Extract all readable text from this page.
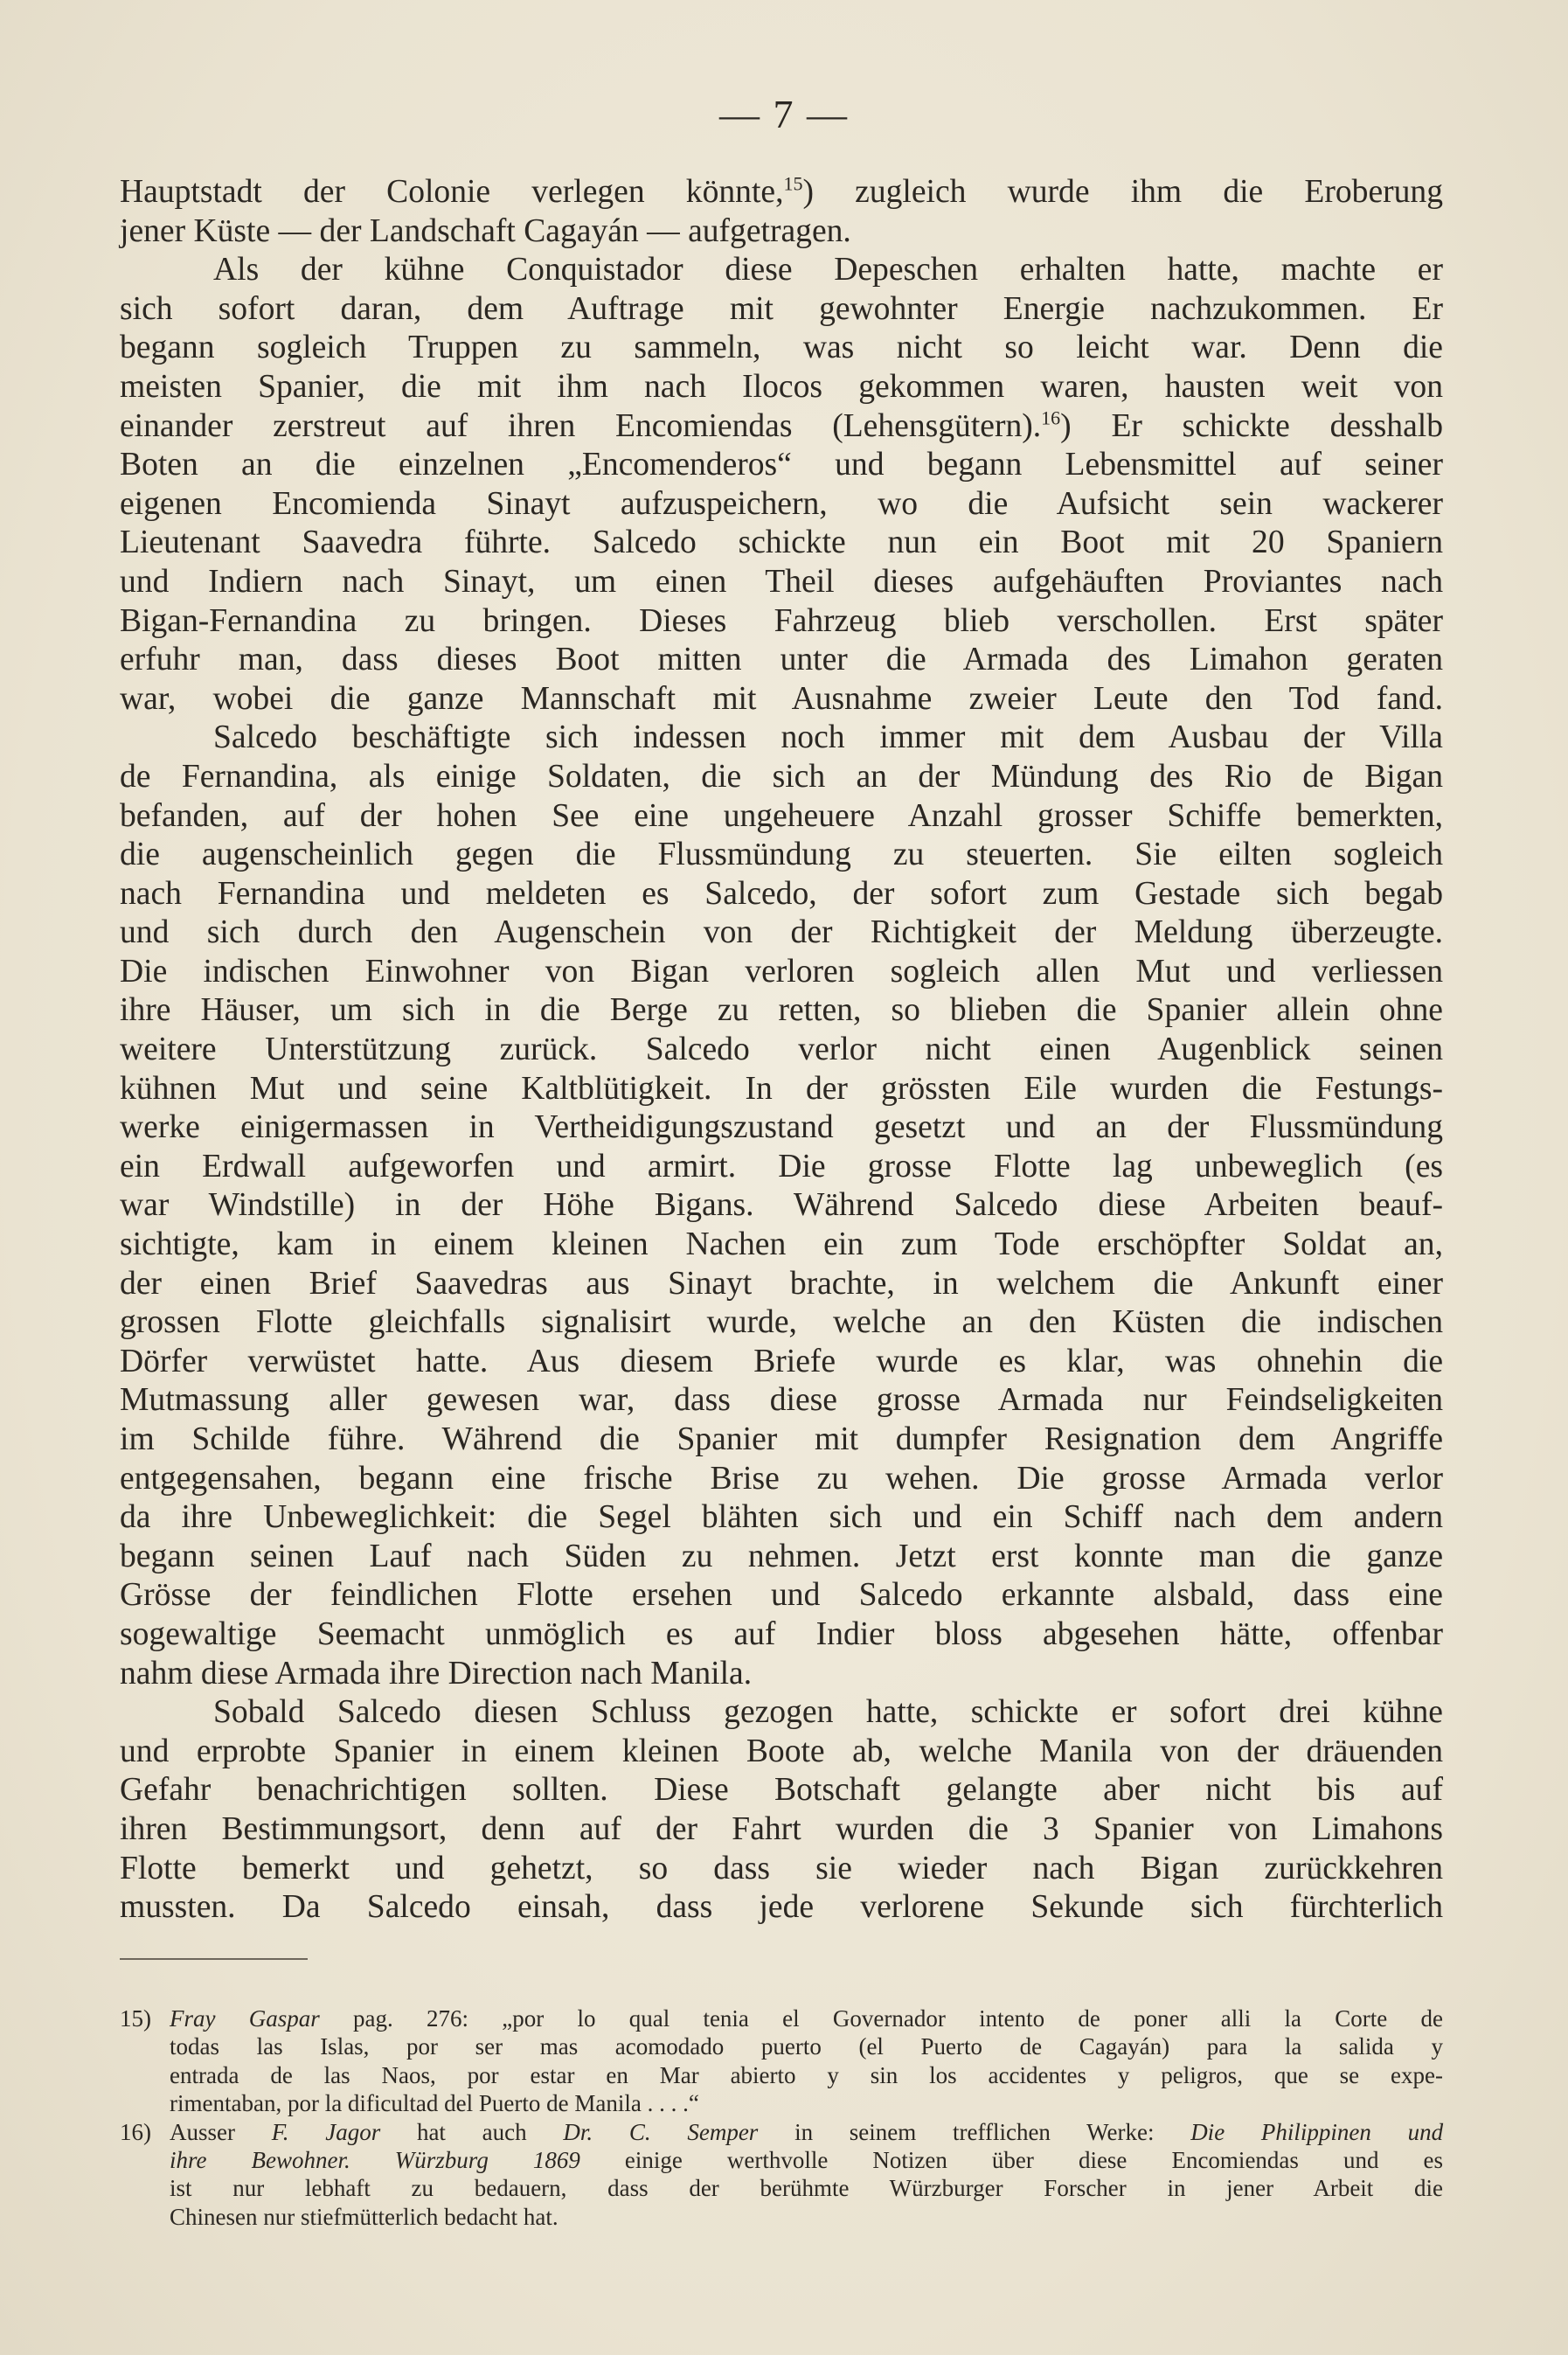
— 7 —
Hauptstadt der Colonie verlegen könnte,$^{15}$) zugleich wurde ihm die Eroberung
jener Küste — der Landschaft Cagayán — aufgetragen.
Als der kühne Conquistador diese Depeschen erhalten hatte, machte er
sich sofort daran, dem Auftrage mit gewohnter Energie nachzukommen. Er
begann sogleich Truppen zu sammeln, was nicht so leicht war. Denn die
meisten Spanier, die mit ihm nach Ilocos gekommen waren, hausten weit von
einander zerstreut auf ihren Encomiendas (Lehensgütern).$^{16}$) Er schickte desshalb
Boten an die einzelnen „Encomenderos“ und begann Lebensmittel auf seiner
eigenen Encomienda Sinayt aufzuspeichern, wo die Aufsicht sein wackerer
Lieutenant Saavedra führte. Salcedo schickte nun ein Boot mit 20 Spaniern
und Indiern nach Sinayt, um einen Theil dieses aufgehäuften Proviantes nach
Bigan-Fernandina zu bringen. Dieses Fahrzeug blieb verschollen. Erst später
erfuhr man, dass dieses Boot mitten unter die Armada des Limahon geraten
war, wobei die ganze Mannschaft mit Ausnahme zweier Leute den Tod fand.
Salcedo beschäftigte sich indessen noch immer mit dem Ausbau der Villa
de Fernandina, als einige Soldaten, die sich an der Mündung des Rio de Bigan
befanden, auf der hohen See eine ungeheuere Anzahl grosser Schiffe bemerkten,
die augenscheinlich gegen die Flussmündung zu steuerten. Sie eilten sogleich
nach Fernandina und meldeten es Salcedo, der sofort zum Gestade sich begab
und sich durch den Augenschein von der Richtigkeit der Meldung überzeugte.
Die indischen Einwohner von Bigan verloren sogleich allen Mut und verliessen
ihre Häuser, um sich in die Berge zu retten, so blieben die Spanier allein ohne
weitere Unterstützung zurück. Salcedo verlor nicht einen Augenblick seinen
kühnen Mut und seine Kaltblütigkeit. In der grössten Eile wurden die Festungs-
werke einigermassen in Vertheidigungszustand gesetzt und an der Flussmündung
ein Erdwall aufgeworfen und armirt. Die grosse Flotte lag unbeweglich (es
war Windstille) in der Höhe Bigans. Während Salcedo diese Arbeiten beauf-
sichtigte, kam in einem kleinen Nachen ein zum Tode erschöpfter Soldat an,
der einen Brief Saavedras aus Sinayt brachte, in welchem die Ankunft einer
grossen Flotte gleichfalls signalisirt wurde, welche an den Küsten die indischen
Dörfer verwüstet hatte. Aus diesem Briefe wurde es klar, was ohnehin die
Mutmassung aller gewesen war, dass diese grosse Armada nur Feindseligkeiten
im Schilde führe. Während die Spanier mit dumpfer Resignation dem Angriffe
entgegensahen, begann eine frische Brise zu wehen. Die grosse Armada verlor
da ihre Unbeweglichkeit: die Segel blähten sich und ein Schiff nach dem andern
begann seinen Lauf nach Süden zu nehmen. Jetzt erst konnte man die ganze
Grösse der feindlichen Flotte ersehen und Salcedo erkannte alsbald, dass eine
sogewaltige Seemacht unmöglich es auf Indier bloss abgesehen hätte, offenbar
nahm diese Armada ihre Direction nach Manila.
Sobald Salcedo diesen Schluss gezogen hatte, schickte er sofort drei kühne
und erprobte Spanier in einem kleinen Boote ab, welche Manila von der dräuenden
Gefahr benachrichtigen sollten. Diese Botschaft gelangte aber nicht bis auf
ihren Bestimmungsort, denn auf der Fahrt wurden die 3 Spanier von Limahons
Flotte bemerkt und gehetzt, so dass sie wieder nach Bigan zurückkehren
mussten. Da Salcedo einsah, dass jede verlorene Sekunde sich fürchterlich
15) Fray Gaspar pag. 276: „por lo qual tenia el Governador intento de poner alli la Corte de
todas las Islas, por ser mas acomodado puerto (el Puerto de Cagayán) para la salida y
entrada de las Naos, por estar en Mar abierto y sin los accidentes y peligros, que se expe-
rimentaban, por la dificultad del Puerto de Manila . . . .“
16) Ausser F. Jagor hat auch Dr. C. Semper in seinem trefflichen Werke: Die Philippinen und
ihre Bewohner. Würzburg 1869 einige werthvolle Notizen über diese Encomiendas und es
ist nur lebhaft zu bedauern, dass der berühmte Würzburger Forscher in jener Arbeit die
Chinesen nur stiefmütterlich bedacht hat.
